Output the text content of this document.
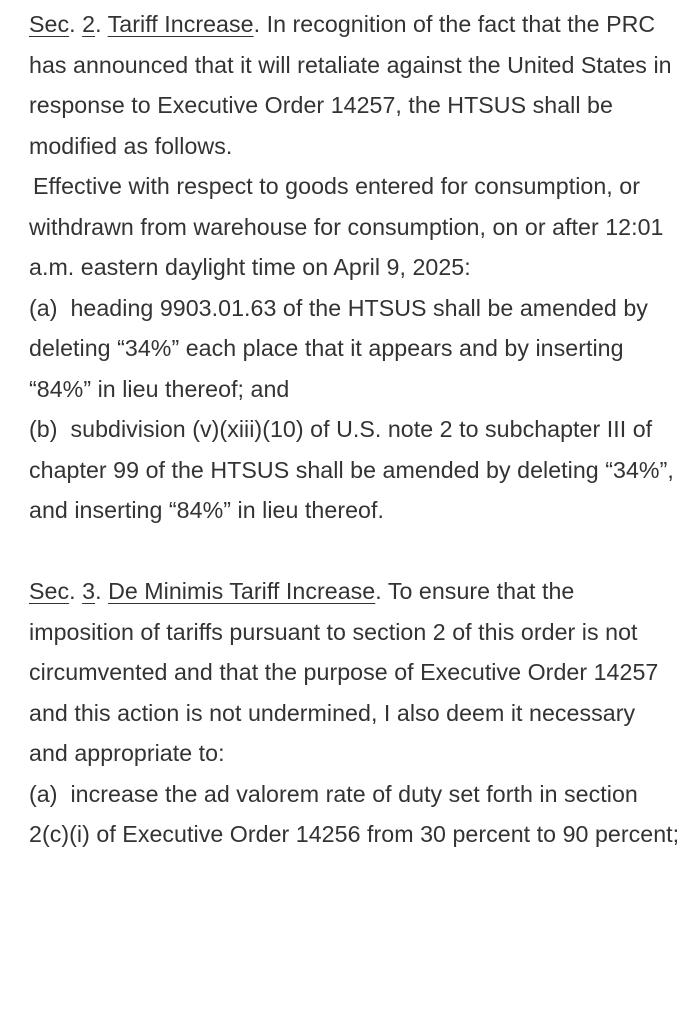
Sec. 2. Tariff Increase. In recognition of the fact that the PRC has announced that it will retaliate against the United States in response to Executive Order 14257, the HTSUS shall be modified as follows.

Effective with respect to goods entered for consumption, or withdrawn from warehouse for consumption, on or after 12:01 a.m. eastern daylight time on April 9, 2025:

(a)  heading 9903.01.63 of the HTSUS shall be amended by deleting “34%” each place that it appears and by inserting “84%” in lieu thereof; and

(b)  subdivision (v)(xiii)(10) of U.S. note 2 to subchapter III of chapter 99 of the HTSUS shall be amended by deleting “34%”, and inserting “84%” in lieu thereof.

Sec. 3. De Minimis Tariff Increase. To ensure that the imposition of tariffs pursuant to section 2 of this order is not circumvented and that the purpose of Executive Order 14257 and this action is not undermined, I also deem it necessary and appropriate to:

(a)  increase the ad valorem rate of duty set forth in section 2(c)(i) of Executive Order 14256 from 30 percent to 90 percent;
